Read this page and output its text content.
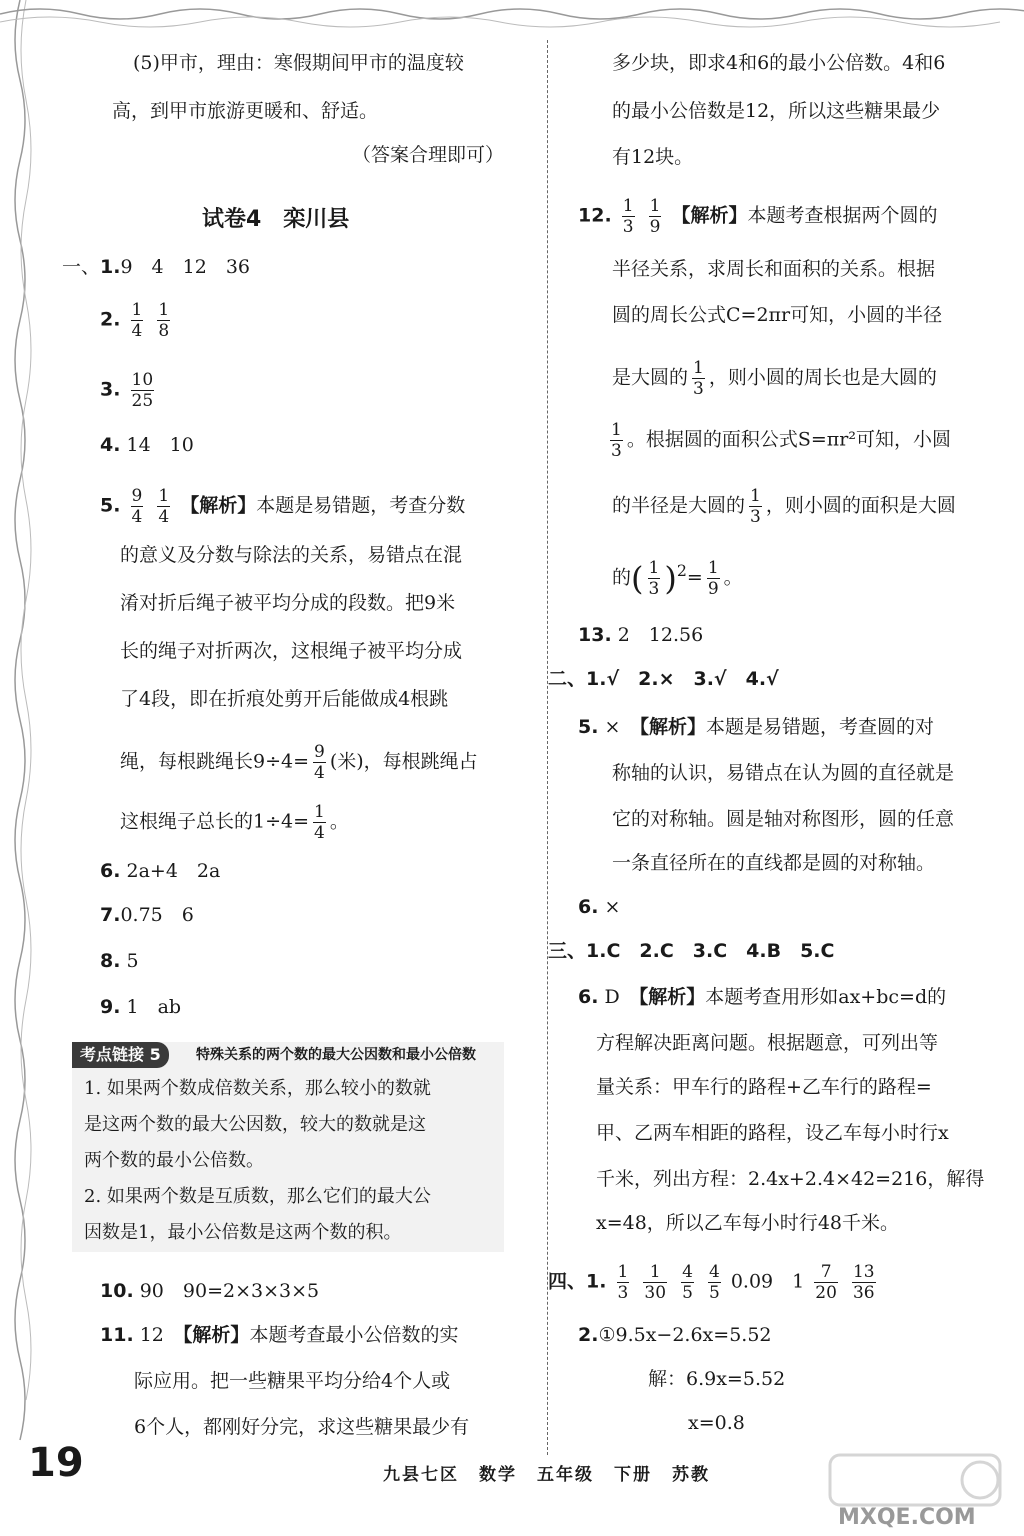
(5)甲市，理由：寒假期间甲市的温度较
高，到甲市旅游更暖和、舒适。
（答案合理即可）
试卷4　栾川县
一、1.9　4　12　36
2. $\frac{1}{4}$
$\frac{1}{8}$
3. $\frac{10}{25}$
4. 14　10
5. $\frac{9}{4}$
$\frac{1}{4}$ 【解析】本题是易错题，考查分数
的意义及分数与除法的关系，易错点在混
淆对折后绳子被平均分成的段数。把9米
长的绳子对折两次，这根绳子被平均分成
了4段，即在折痕处剪开后能做成4根跳
绳，每根跳绳长$9\div 4= \frac{9}{4}$ (米)，每根跳绳占
这根绳子总长的$1\div 4= \frac{1}{4}$ 。
6. 2a+4　2a
7.0.75　6
8. 5
9. 1　ab
考点链接 5	特殊关系的两个数的最大公因数和最小公倍数
1. 如果两个数成倍数关系，那么较小的数就
是这两个数的最大公因数，较大的数就是这
两个数的最小公倍数。
2. 如果两个数是互质数，那么它们的最大公
因数是1，最小公倍数是这两个数的积。
10. 90　90=2×3×3×5
11. 12　 【解析】本题考查最小公倍数的实
际应用。把一些糖果平均分给4个人或
6个人，都刚好分完，求这些糖果最少有
多少块，即求4和6的最小公倍数。4和6
的最小公倍数是12，所以这些糖果最少
有12块。
12. $\frac{1}{3}$
$\frac{1}{9}$ 【解析】本题考查根据两个圆的
半径关系，求周长和面积的关系。根据
圆的周长公式C=2πr可知，小圆的半径
是大圆的 $\frac{1}{3}$ ，则小圆的周长也是大圆的
$\frac{1}{3}$ 。根据圆的面积公式S=πr²可知，小圆
的半径是大圆的 $\frac{1}{3}$ ，则小圆的面积是大圆
的( $\frac{1}{3} )^2= \frac{1}{9}$ 。
13. 2　12.56
二、1.√　2.×　3.√　4.√
5. ×　 【解析】本题是易错题，考查圆的对
称轴的认识，易错点在认为圆的直径就是
它的对称轴。圆是轴对称图形，圆的任意
一条直径所在的直线都是圆的对称轴。
6. ×
三、1.C　2.C　3.C　4.B　5.C
6. D　 【解析】本题考查用形如ax+bc=d的
方程解决距离问题。根据题意，可列出等
量关系：甲车行的路程+乙车行的路程=
甲、乙两车相距的路程，设乙车每小时行x
千米，列出方程：2.4x+2.4×42=216，解得
x=48，所以乙车每小时行48千米。
四、1. $\frac{1}{3}$
$\frac{1}{30}$
$\frac{4}{5}$
$\frac{4}{5} 0.09$　 $1 \frac{7}{20}$
$\frac{13}{36}$
2.①9.5x−2.6x=5.52
解：6.9x=5.52
x=0.8
19	九县七区 数学 五年级 下册 苏教
MXQE.COM
